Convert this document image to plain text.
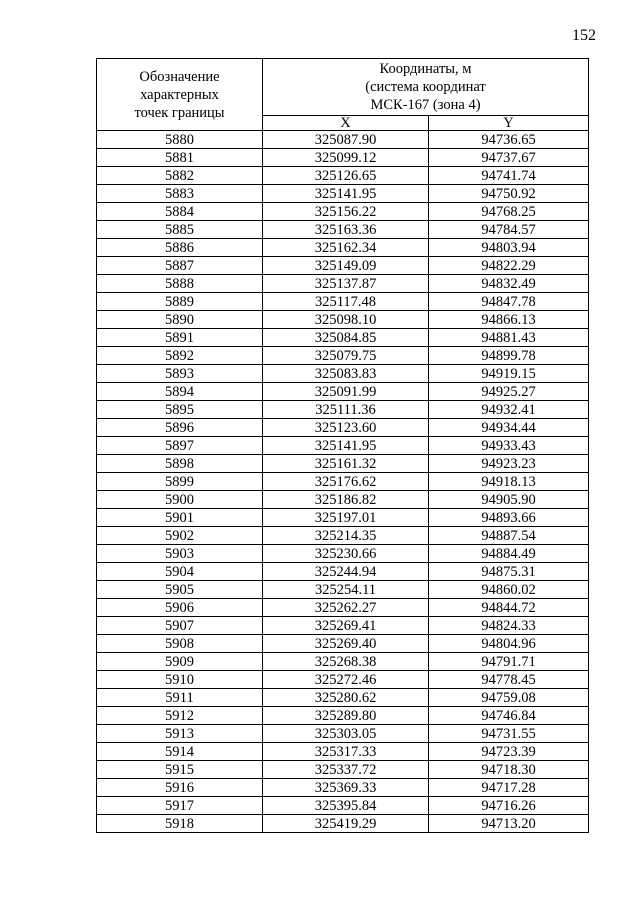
152
Обозначение
характерных
точек границы	Координаты, м
(система координат
МСК-167 (зона 4)	

	X	Y
5880	325087.90	94736.65
5881	325099.12	94737.67
5882	325126.65	94741.74
5883	325141.95	94750.92
5884	325156.22	94768.25
5885	325163.36	94784.57
5886	325162.34	94803.94
5887	325149.09	94822.29
5888	325137.87	94832.49
5889	325117.48	94847.78
5890	325098.10	94866.13
5891	325084.85	94881.43
5892	325079.75	94899.78
5893	325083.83	94919.15
5894	325091.99	94925.27
5895	325111.36	94932.41
5896	325123.60	94934.44
5897	325141.95	94933.43
5898	325161.32	94923.23
5899	325176.62	94918.13
5900	325186.82	94905.90
5901	325197.01	94893.66
5902	325214.35	94887.54
5903	325230.66	94884.49
5904	325244.94	94875.31
5905	325254.11	94860.02
5906	325262.27	94844.72
5907	325269.41	94824.33
5908	325269.40	94804.96
5909	325268.38	94791.71
5910	325272.46	94778.45
5911	325280.62	94759.08
5912	325289.80	94746.84
5913	325303.05	94731.55
5914	325317.33	94723.39
5915	325337.72	94718.30
5916	325369.33	94717.28
5917	325395.84	94716.26
5918	325419.29	94713.20
